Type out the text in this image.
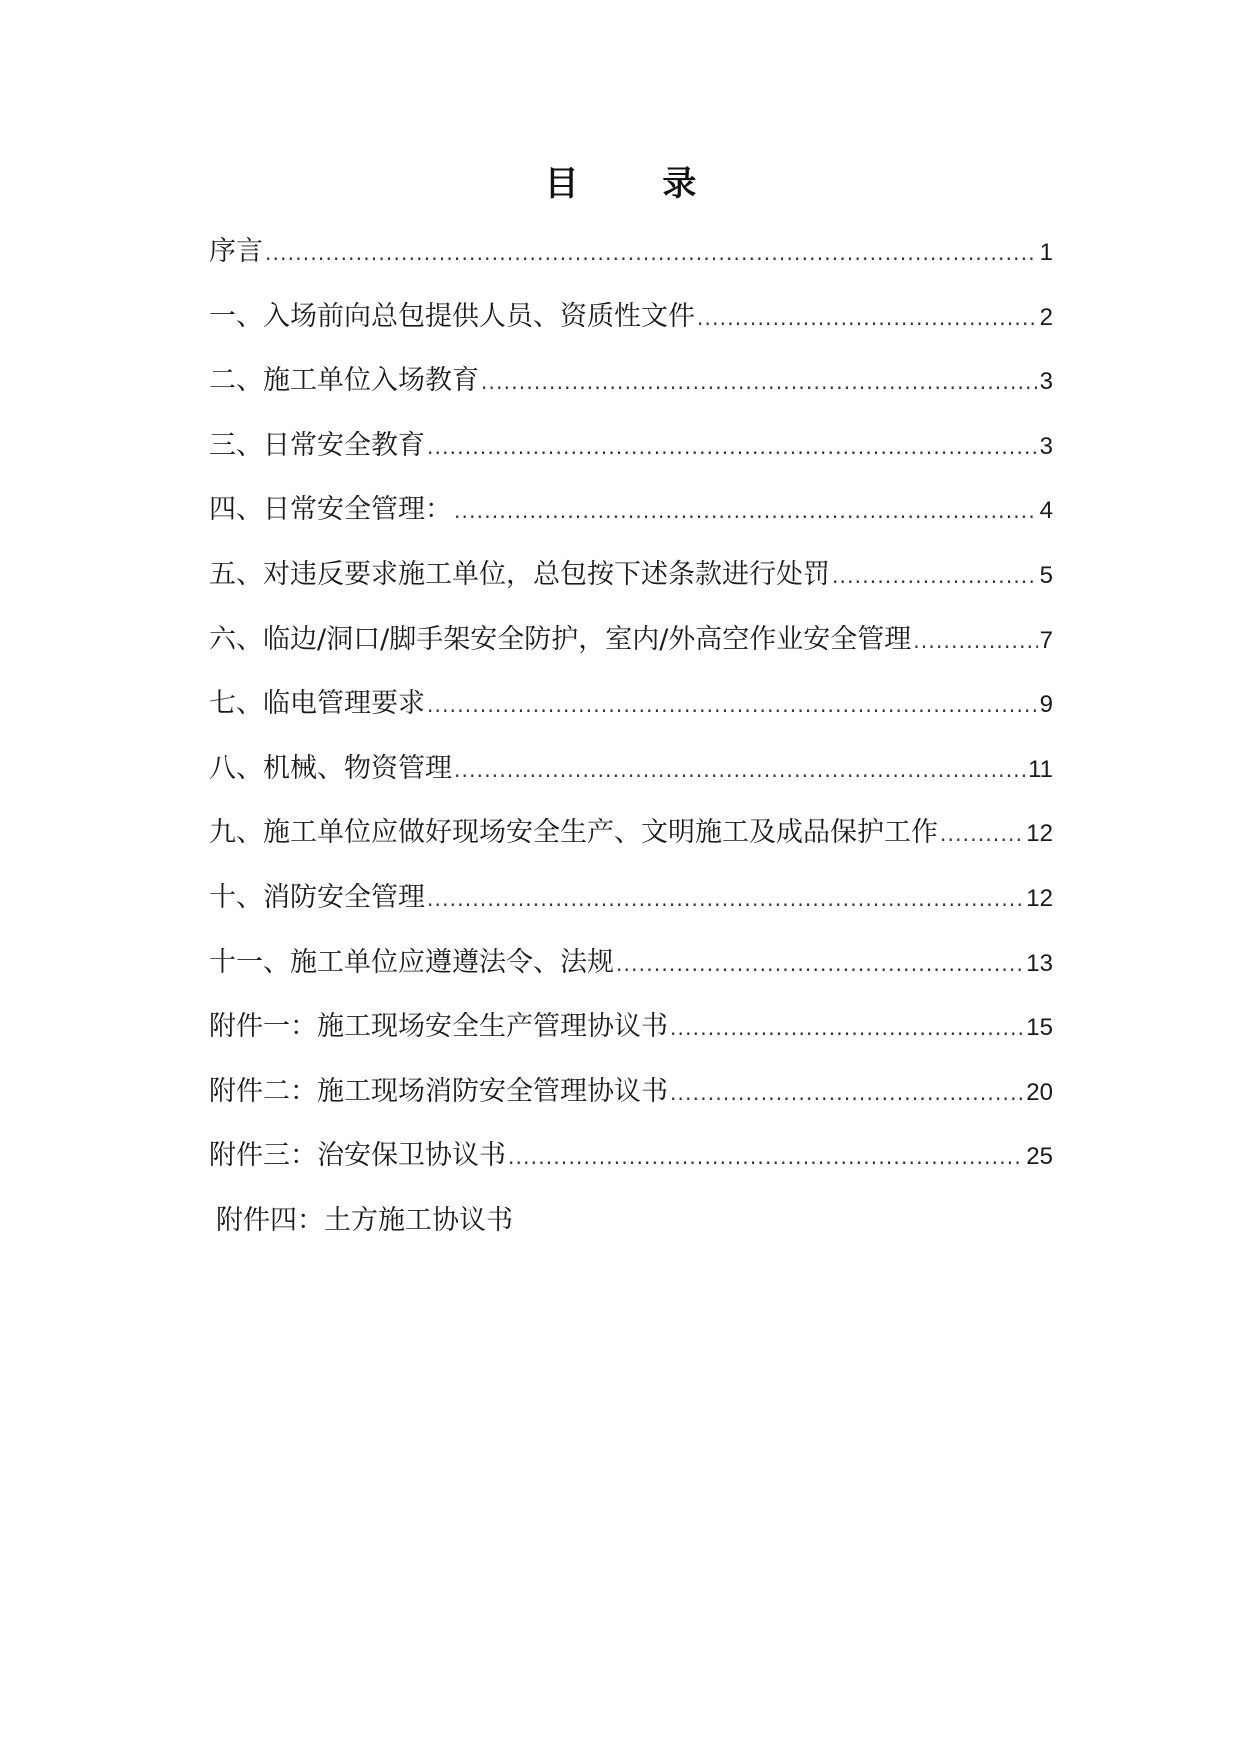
目 录
序言 .....	1
一、入场前向总包提供人员、资质性文件 .....	2
二、施工单位入场教育 .....	3
三、日常安全教育 .....	3
四、日常安全管理： .....	4
五、对违反要求施工单位，总包按下述条款进行处罚 .....	5
六、临边/洞口/脚手架安全防护，室内/外高空作业安全管理 .....	7
七、临电管理要求 .....	9
八、机械、物资管理 .....	11
九、施工单位应做好现场安全生产、文明施工及成品保护工作 .....	12
十、消防安全管理 .....	12
十一、施工单位应遵遵法令、法规 .....	13
附件一：施工现场安全生产管理协议书 .....	15
附件二：施工现场消防安全管理协议书 .....	20
附件三：治安保卫协议书 .....	25
附件四：土方施工协议书
